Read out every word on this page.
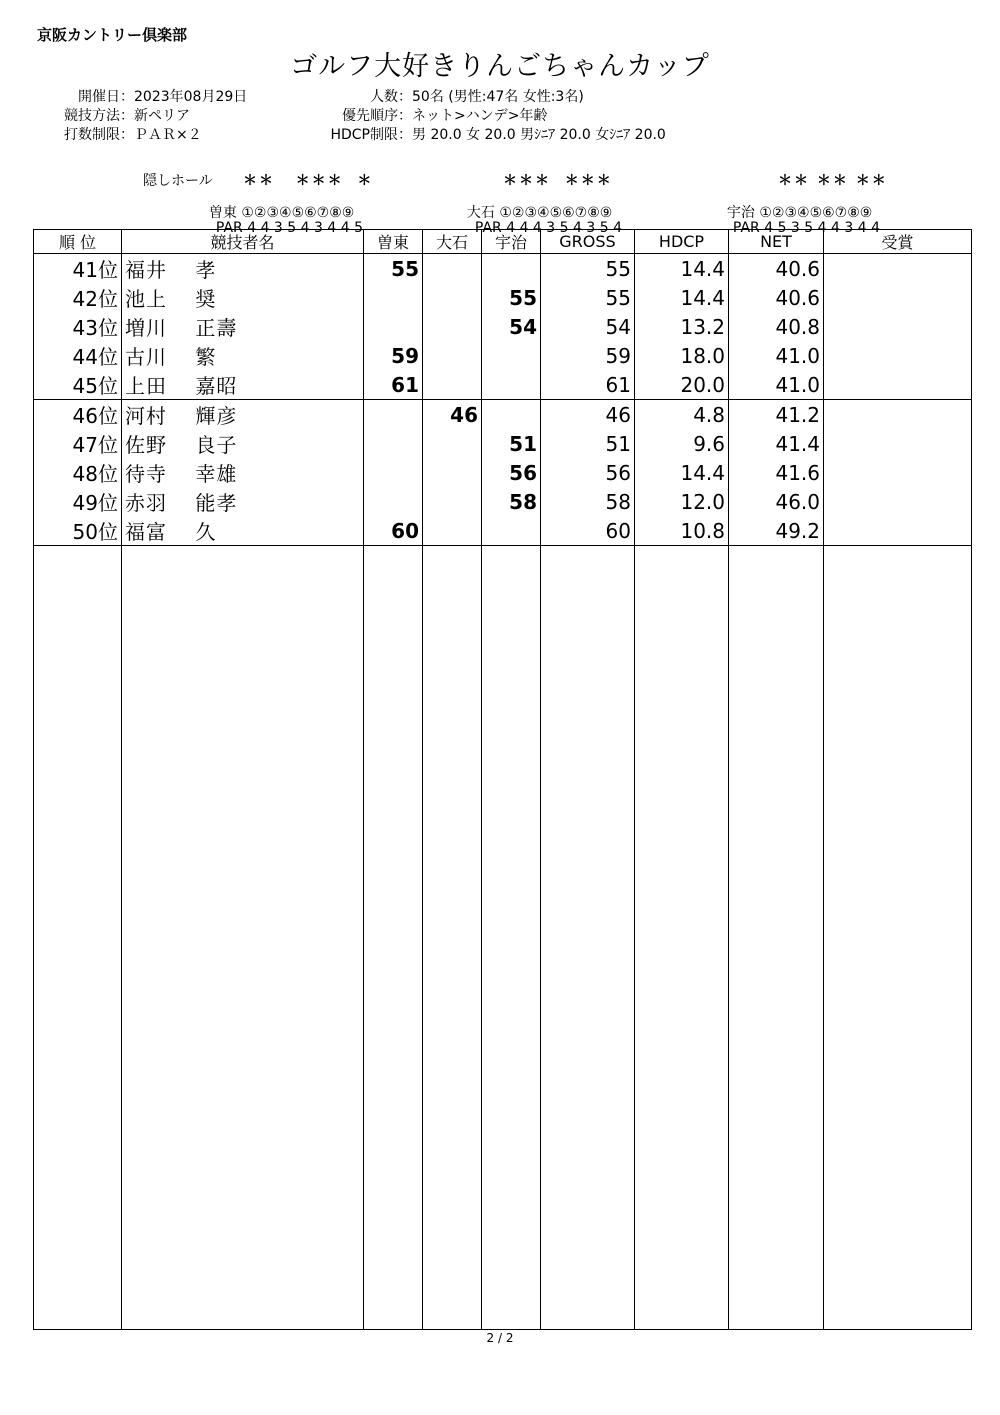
京阪カントリー倶楽部
ゴルフ大好きりんごちゃんカップ
開催日：2023年08月29日
競技方法：新ペリア
打数制限：ＰＡＲ×２
人数：50名 (男性:47名 女性:3名)
優先順序：ネット>ハンデ>年齢
HDCP制限：男 20.0 女 20.0 男ｼﾆｱ 20.0 女ｼﾆｱ 20.0
隠しホール ＊＊   ＊＊＊  ＊

曽東 ①②③④⑤⑥⑦⑧⑨

PAR 4 4 3 5 4 3 4 4 5

＊＊＊  ＊＊＊

大石 ①②③④⑤⑥⑦⑧⑨

PAR 4 4 4 3 5 4 3 5 4

＊＊ ＊＊ ＊＊

宇治 ①②③④⑤⑥⑦⑧⑨

PAR 4 5 3 5 4 4 3 4 4

順 位	競技者名	曽東	大石	宇治	GROSS	HDCP	NET	受賞
41位	福井　 孝	55			55	14.4	40.6	
42位	池上　 奨			55	55	14.4	40.6	
43位	増川　 正壽			54	54	13.2	40.8	
44位	古川　 繁	59			59	18.0	41.0	
45位	上田　 嘉昭	61			61	20.0	41.0	
46位	河村　 輝彦		46		46	4.8	41.2	
47位	佐野　 良子			51	51	9.6	41.4	
48位	待寺　 幸雄			56	56	14.4	41.6	
49位	赤羽　 能孝			58	58	12.0	46.0	
50位	福富　 久	60			60	10.8	49.2	

2 / 2
